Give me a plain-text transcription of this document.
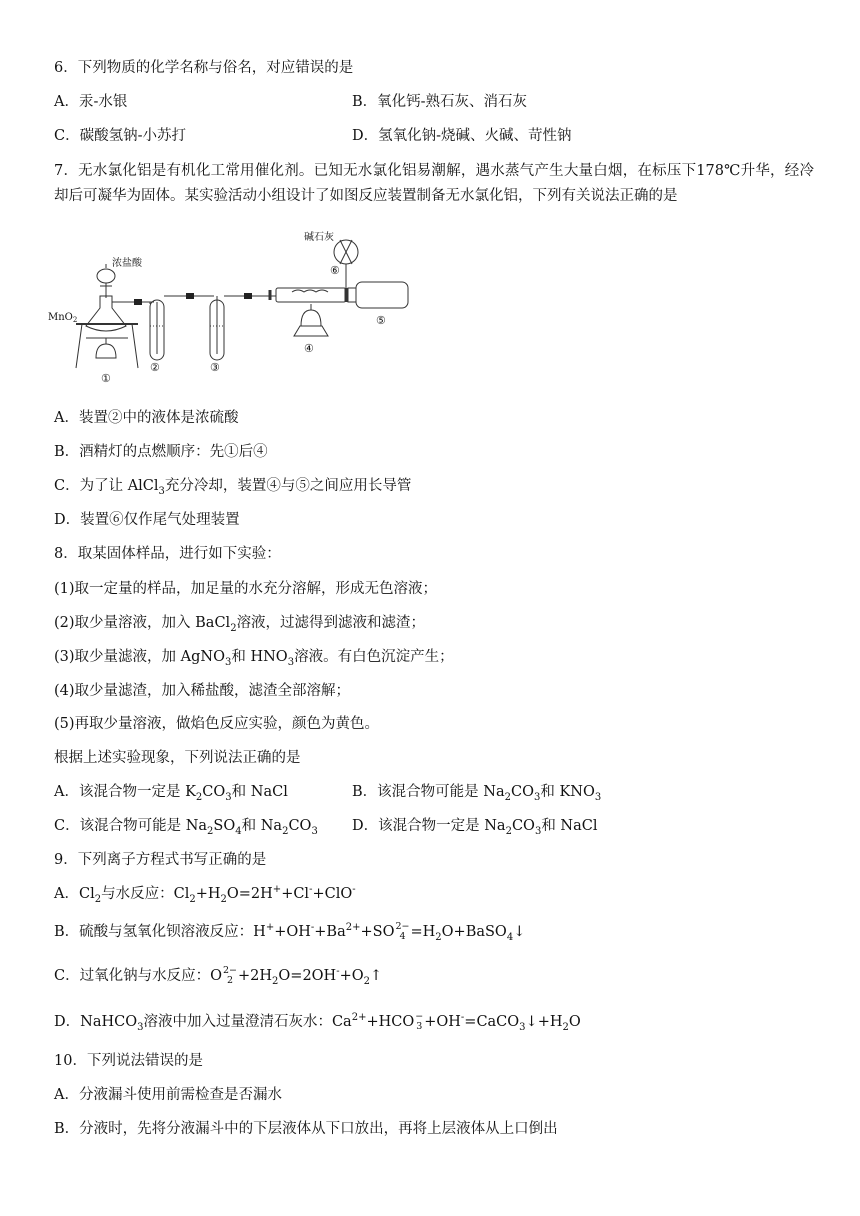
6．下列物质的化学名称与俗名，对应错误的是
A．汞-水银	B．氧化钙-熟石灰、消石灰
C．碳酸氢钠-小苏打	D．氢氧化钠-烧碱、火碱、苛性钠
7．无水氯化铝是有机化工常用催化剂。已知无水氯化铝易潮解，遇水蒸气产生大量白烟，在标压下178℃升华，经冷却后可凝华为固体。某实验活动小组设计了如图反应装置制备无水氯化铝，下列有关说法正确的是
碱石灰
浓盐酸
MnO$_2$
①
②	③
④
⑤
⑥
A．装置②中的液体是浓硫酸
B．酒精灯的点燃顺序：先①后④
C．为了让 AlCl$_3$充分冷却，装置④与⑤之间应用长导管
D．装置⑥仅作尾气处理装置
8．取某固体样品，进行如下实验：
(1)取一定量的样品，加足量的水充分溶解，形成无色溶液；
(2)取少量溶液，加入 BaCl$_2$溶液，过滤得到滤液和滤渣；
(3)取少量滤液，加 AgNO$_3$和 $HNO_3$溶液。有白色沉淀产生；
(4)取少量滤渣，加入稀盐酸，滤渣全部溶解；
(5)再取少量溶液，做焰色反应实验，颜色为黄色。
根据上述实验现象，下列说法正确的是
A．该混合物一定是 $K_2CO_3$和 NaCl	B．该混合物可能是 $Na_2CO_3$和 $KNO_3$
C．该混合物可能是 $Na_2SO_4$和 $Na_2CO_3$ D．该混合物一定是 $Na_2CO_3$和 NaCl
9．下列离子方程式书写正确的是
A．$Cl_2$与水反应：$Cl_2+H_2O=2H^++Cl^-+ClO^-$
B．硫酸与氢氧化钡溶液反应：$H^++OH^-+Ba^{2+}+SO$ 2−
$4 =H_2O+BaSO_4↓$
C．过氧化钠与水反应：O 2−
$2 +2H_2O=2OH^-+O_2↑$
D．NaHCO$_3$溶液中加入过量澄清石灰水：$Ca^{2+}+HCO$ −
$3 +OH^-=CaCO_3↓+H_2O$
10．下列说法错误的是
A．分液漏斗使用前需检查是否漏水
B．分液时，先将分液漏斗中的下层液体从下口放出，再将上层液体从上口倒出
